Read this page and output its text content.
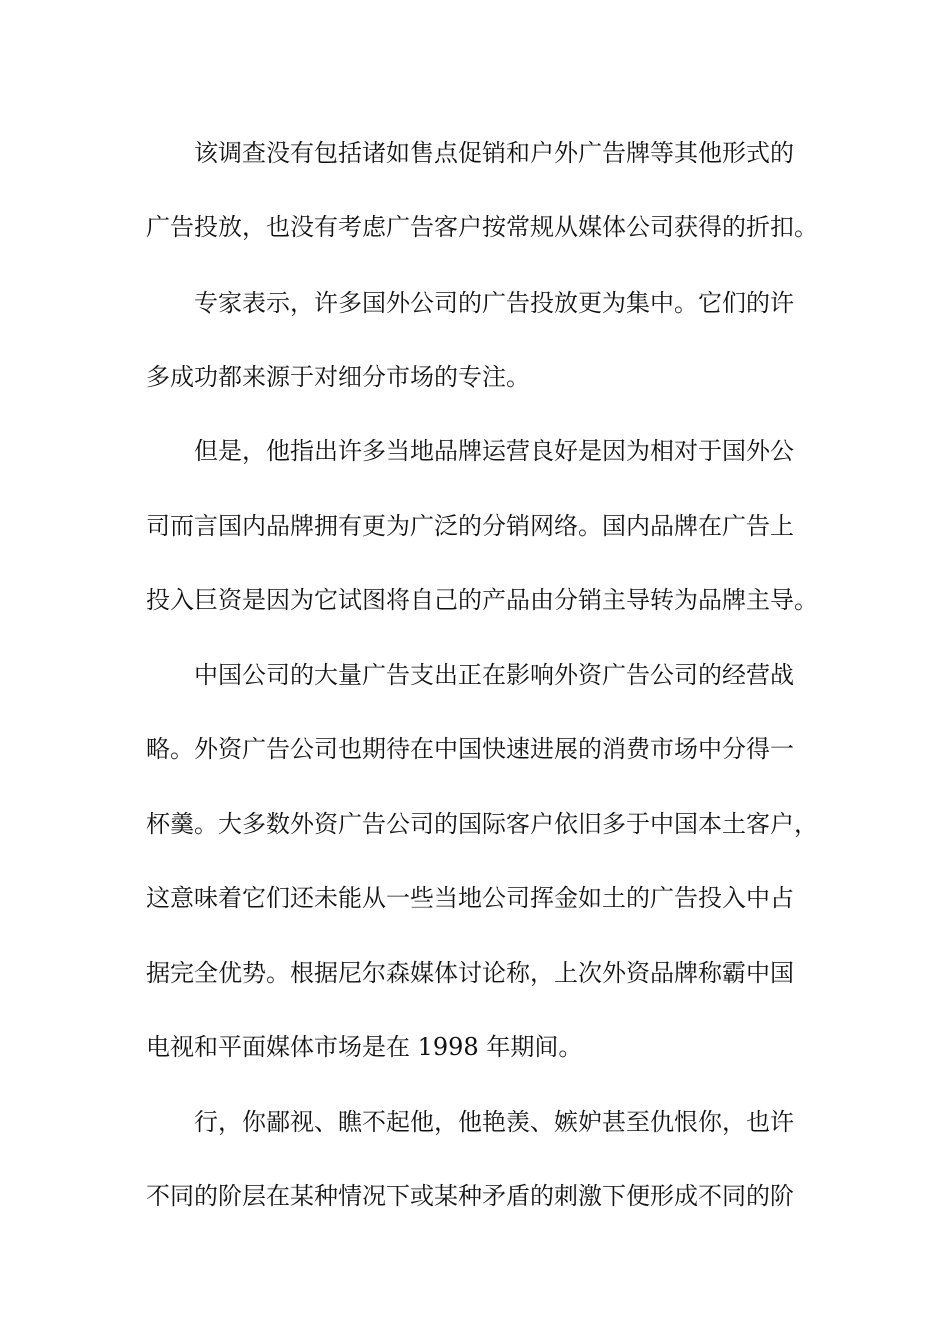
该调查没有包括诸如售点促销和户外广告牌等其他形式的
广告投放，也没有考虑广告客户按常规从媒体公司获得的折扣。
专家表示，许多国外公司的广告投放更为集中。它们的许
多成功都来源于对细分市场的专注。
但是，他指出许多当地品牌运营良好是因为相对于国外公
司而言国内品牌拥有更为广泛的分销网络。国内品牌在广告上
投入巨资是因为它试图将自己的产品由分销主导转为品牌主导。
中国公司的大量广告支出正在影响外资广告公司的经营战
略。外资广告公司也期待在中国快速进展的消费市场中分得一
杯羹。大多数外资广告公司的国际客户依旧多于中国本土客户，
这意味着它们还未能从一些当地公司挥金如土的广告投入中占
据完全优势。根据尼尔森媒体讨论称，上次外资品牌称霸中国
电视和平面媒体市场是在 1998 年期间。
行，你鄙视、瞧不起他，他艳羡、嫉妒甚至仇恨你，也许
不同的阶层在某种情况下或某种矛盾的刺激下便形成不同的阶
